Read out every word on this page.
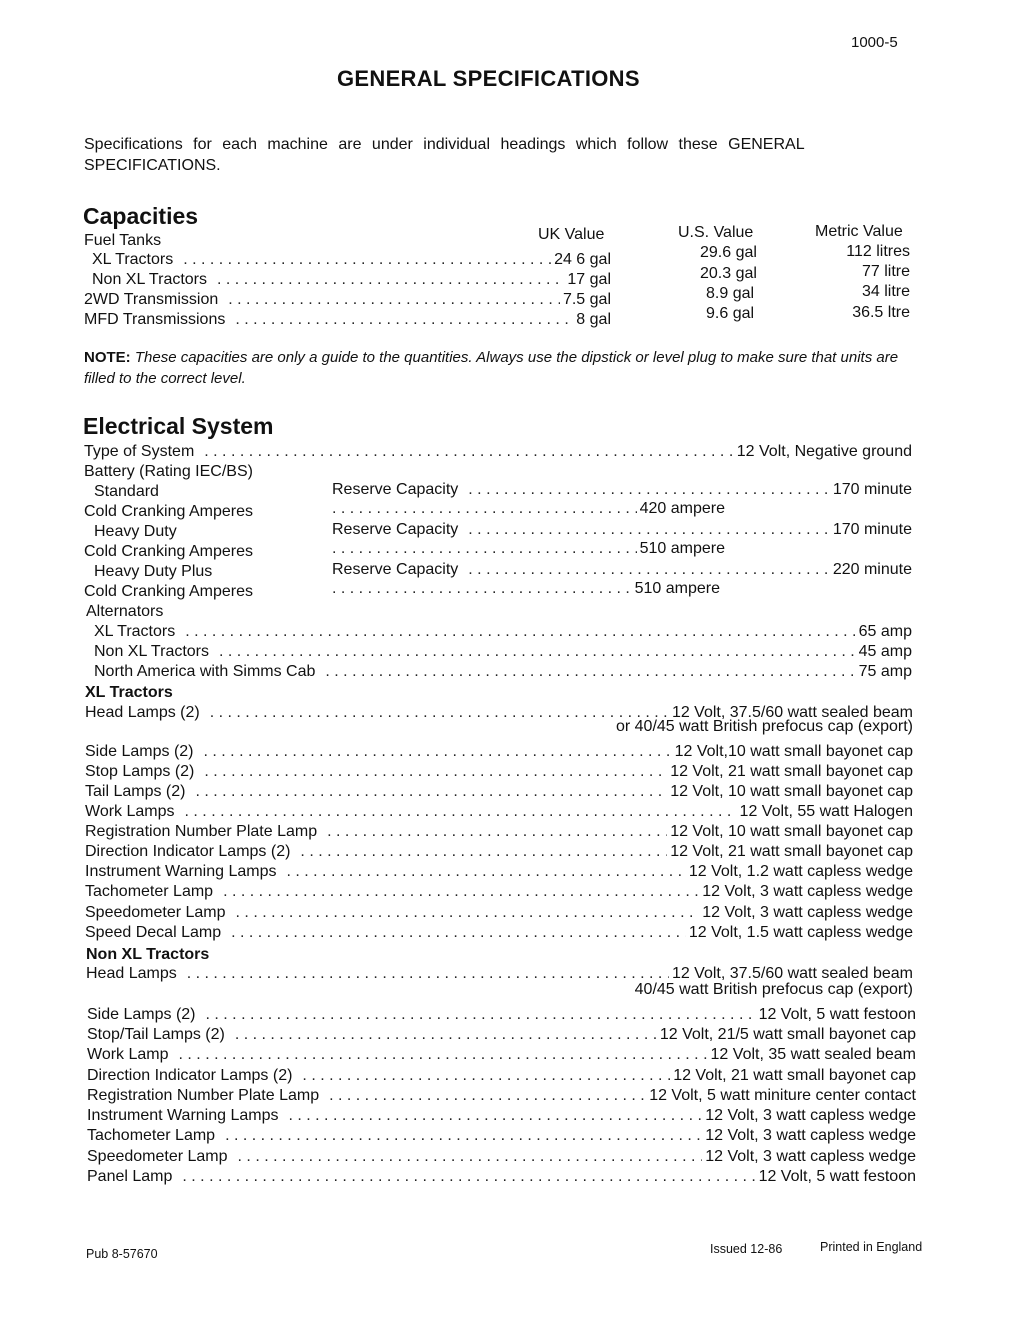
1000-5
GENERAL SPECIFICATIONS
Specifications for each machine are under individual headings which follow these GENERAL SPECIFICATIONS.
Capacities
Fuel Tanks	UK Value	U.S. Value	Metric Value
XL Tractors . . .	24 6 gal	29.6 gal	112 litres
Non XL Tractors . . .	17 gal	20.3 gal	77 litre
2WD Transmission . . .	7.5 gal	8.9 gal	34 litre
MFD Transmissions . . .	8 gal	9.6 gal	36.5 ltre
NOTE: These capacities are only a guide to the quantities. Always use the dipstick or level plug to make sure that units are filled to the correct level.
Electrical System
Type of System . . .	12 Volt, Negative ground
Battery (Rating IEC/BS)
Standard	Reserve Capacity . . .	170 minute
Cold Cranking Amperes . . .	420 ampere
Heavy Duty	Reserve Capacity . . .	170 minute
Cold Cranking Amperes . . .	510 ampere
Heavy Duty Plus	Reserve Capacity . . .	220 minute
Cold Cranking Amperes . . .	510 ampere
Alternators
XL Tractors . . .	65 amp
Non XL Tractors . . .	45 amp
North America with Simms Cab . . .	75 amp
XL Tractors
Head Lamps (2) . . .	12 Volt, 37.5/60 watt sealed beam
or 40/45 watt British prefocus cap (export)
Side Lamps (2) . . .	12 Volt,10 watt small bayonet cap
Stop Lamps (2) . . .	12 Volt, 21 watt small bayonet cap
Tail Lamps (2) . . .	12 Volt, 10 watt small bayonet cap
Work Lamps . . .	12 Volt, 55 watt Halogen
Registration Number Plate Lamp . . .	12 Volt, 10 watt small bayonet cap
Direction Indicator Lamps (2) . . .	12 Volt, 21 watt small bayonet cap
Instrument Warning Lamps . . .	12 Volt, 1.2 watt capless wedge
Tachometer Lamp . . .	12 Volt, 3 watt capless wedge
Speedometer Lamp . . .	12 Volt, 3 watt capless wedge
Speed Decal Lamp . . .	12 Volt, 1.5 watt capless wedge
Non XL Tractors
Head Lamps . . .	12 Volt, 37.5/60 watt sealed beam
40/45 watt British prefocus cap (export)
Side Lamps (2) . . .	12 Volt, 5 watt festoon
Stop/Tail Lamps (2) . . .	12 Volt, 21/5 watt small bayonet cap
Work Lamp . . .	12 Volt, 35 watt sealed beam
Direction Indicator Lamps (2) . . .	12 Volt, 21 watt small bayonet cap
Registration Number Plate Lamp . . .	12 Volt, 5 watt miniture center contact
Instrument Warning Lamps . . .	12 Volt, 3 watt capless wedge
Tachometer Lamp . . .	12 Volt, 3 watt capless wedge
Speedometer Lamp . . .	12 Volt, 3 watt capless wedge
Panel Lamp . . .	12 Volt, 5 watt festoon
Pub 8-57670	Issued 12-86	Printed in England
